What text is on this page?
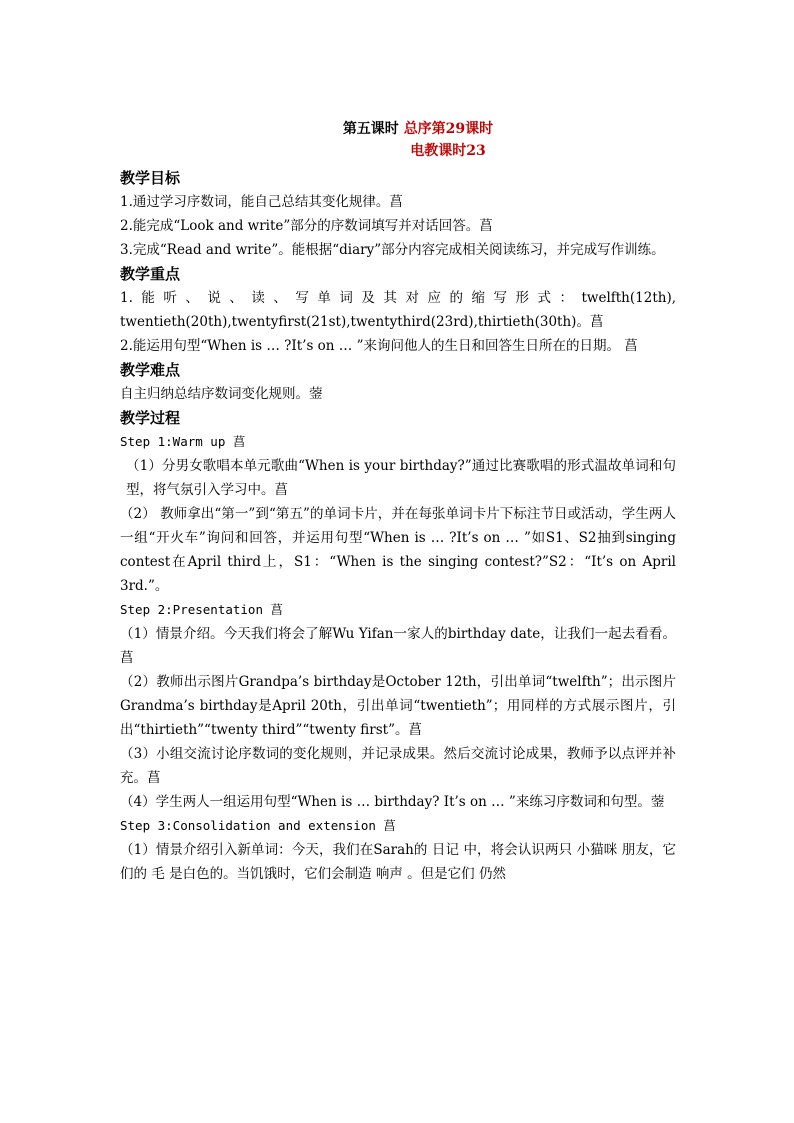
第五课时 总序第29课时
电教课时23
教学目标

1.通过学习序数词，能自己总结其变化规律。菖

2.能完成“Look and write”部分的序数词填写并对话回答。菖

3.完成“Read and write”。能根据“diary”部分内容完成相关阅读练习，并完成写作训练。

教学重点

1.能听、说、读、写单词及其对应的缩写形式：twelfth(12th), twentieth(20th),twentyfirst(21st),twentythird(23rd),thirtieth(30th)。菖

2.能运用句型“When is … ?It’s on … ”来询问他人的生日和回答生日所在的日期。 菖

教学难点

自主归纳总结序数词变化规则。蓥

教学过程

Step 1:Warm up 菖

（1）分男女歌唱本单元歌曲“When is your birthday?”通过比赛歌唱的形式温故单词和句型，将气氛引入学习中。菖

（2） 教师拿出“第一”到“第五”的单词卡片，并在每张单词卡片下标注节日或活动，学生两人一组“开火车”询问和回答，并运用句型“When is … ?It’s on … ”如S1、S2抽到singing contest在April third上，S1：“When is the singing contest?”S2：“It’s on April 3rd.”。

Step 2:Presentation 菖

（1）情景介绍。今天我们将会了解Wu Yifan一家人的birthday date，让我们一起去看看。菖

（2）教师出示图片Grandpa’s birthday是October 12th，引出单词“twelfth”；出示图片Grandma’s birthday是April 20th，引出单词“twentieth”；用同样的方式展示图片，引出“thirtieth”“twenty third”“twenty first”。菖

（3）小组交流讨论序数词的变化规则，并记录成果。然后交流讨论成果，教师予以点评并补充。菖

（4）学生两人一组运用句型“When is … birthday? It’s on … ”来练习序数词和句型。蓥

Step 3:Consolidation and extension 菖

（1）情景介绍引入新单词：今天，我们在Sarah的 日记 中，将会认识两只 小猫咪 朋友，它们的 毛 是白色的。当饥饿时，它们会制造 响声 。但是它们 仍然
